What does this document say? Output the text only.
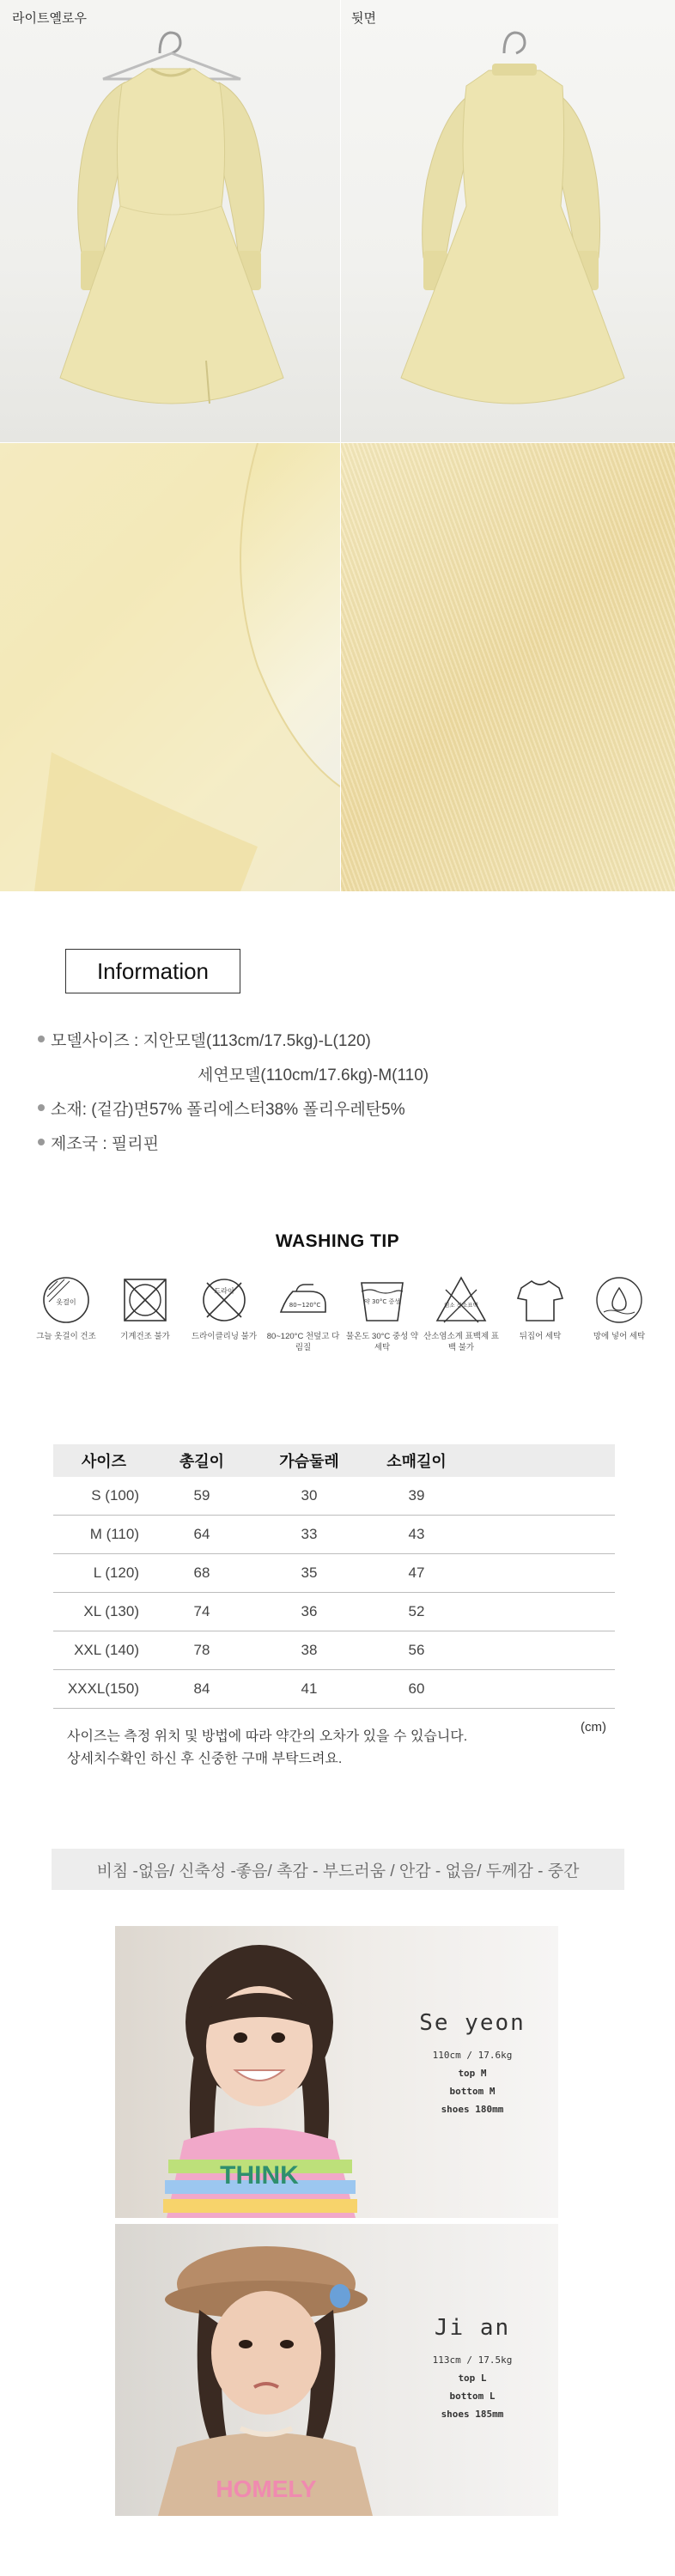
라이트옐로우	뒷면
Information
모델사이즈 : 지안모델(113cm/17.5kg)-L(120)
세연모델(110cm/17.6kg)-M(110)
소재: (겉감)면57% 폴리에스터38% 폴리우레탄5%
제조국 : 필리핀
WASHING TIP
옷걸이
그늘 옷걸이 건조	기계건조 불가
드라이
드라이클리닝 불가
80~120°C
80~120°C 천덮고 다림질
약 30°C 중성
물온도 30°C 중성 약세탁
염소 산소표백
산소염소계 표백제 표백 불가
뒤집어 세탁	망에 넣어 세탁
사이즈	총길이	가슴둘레	소매길이	
S (100)	59	30	39	
M (110)	64	33	43	
L (120)	68	35	47	
XL (130)	74	36	52	
XXL (140)	78	38	56	
XXXL(150)	84	41	60	
(cm)
사이즈는 측정 위치 및 방법에 따라 약간의 오차가 있을 수 있습니다.
상세치수확인 하신 후 신중한 구매 부탁드려요.
비침 -없음/ 신축성 -좋음/ 촉감 - 부드러움 / 안감 - 없음/ 두께감 - 중간
THINK
Se yeon
110cm / 17.6kg
top M
bottom M
shoes 180mm
HOMELY
Ji an
113cm / 17.5kg
top L
bottom L
shoes 185mm
